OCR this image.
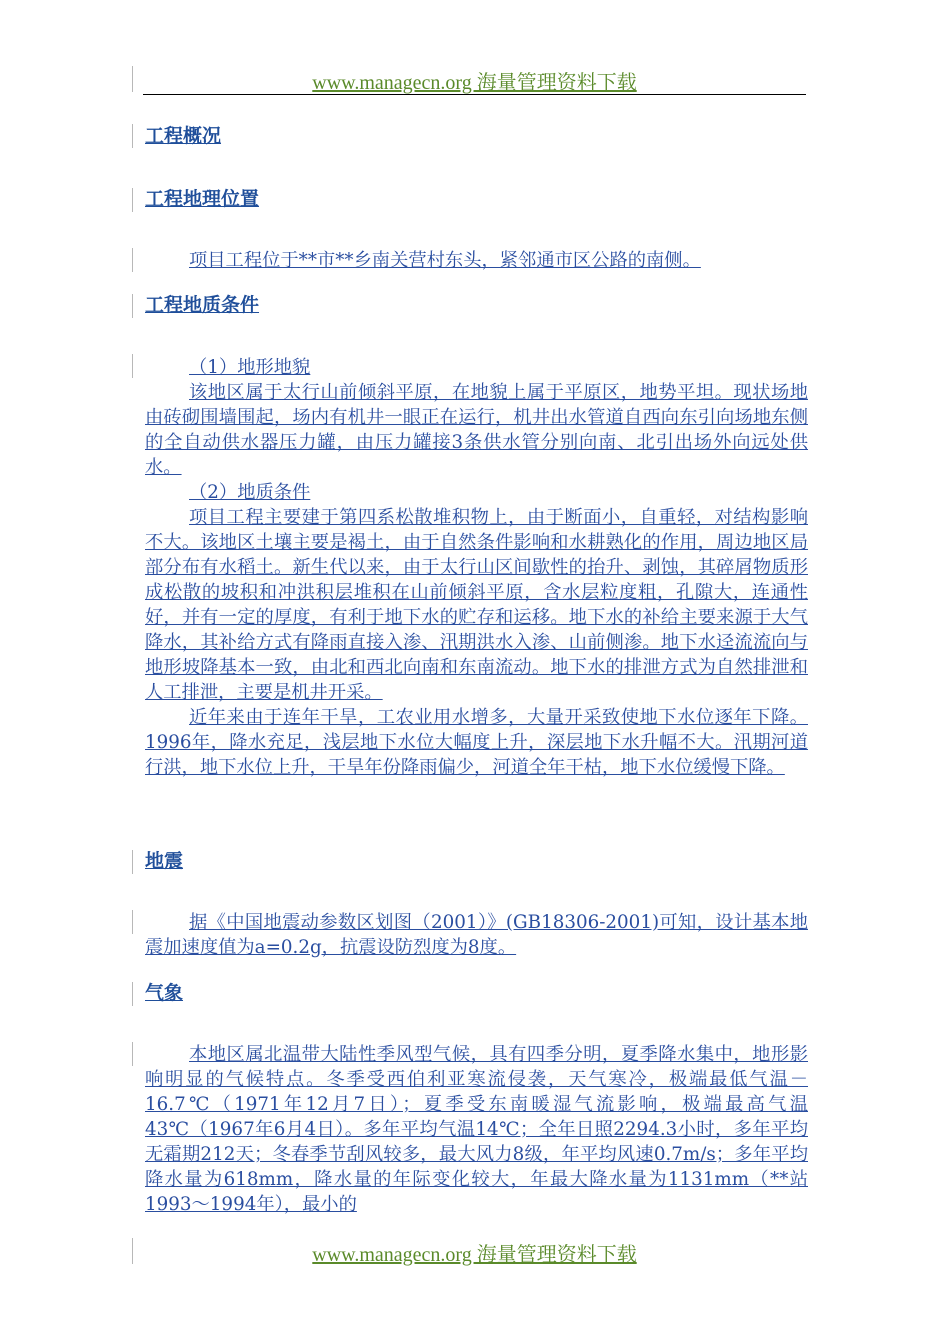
www.managecn.org 海量管理资料下载
工程概况
工程地理位置

项目工程位于**市**乡南关营村东头，紧邻通市区公路的南侧。

工程地质条件

（1）地形地貌

该地区属于太行山前倾斜平原，在地貌上属于平原区，地势平坦。现状场地由砖砌围墙围起，场内有机井一眼正在运行，机井出水管道自西向东引向场地东侧的全自动供水器压力罐，由压力罐接3条供水管分别向南、北引出场外向远处供水。

（2）地质条件

项目工程主要建于第四系松散堆积物上，由于断面小，自重轻，对结构影响不大。该地区土壤主要是褐土，由于自然条件影响和水耕熟化的作用，周边地区局部分布有水稻土。新生代以来，由于太行山区间歇性的抬升、剥蚀，其碎屑物质形成松散的坡积和冲洪积层堆积在山前倾斜平原，含水层粒度粗，孔隙大，连通性好，并有一定的厚度，有利于地下水的贮存和运移。地下水的补给主要来源于大气降水，其补给方式有降雨直接入渗、汛期洪水入渗、山前侧渗。地下水迳流流向与地形坡降基本一致，由北和西北向南和东南流动。地下水的排泄方式为自然排泄和人工排泄，主要是机井开采。

近年来由于连年干旱，工农业用水增多，大量开采致使地下水位逐年下降。1996年，降水充足，浅层地下水位大幅度上升，深层地下水升幅不大。汛期河道行洪，地下水位上升，干旱年份降雨偏少，河道全年干枯，地下水位缓慢下降。

地震

据《中国地震动参数区划图（2001）》(GB18306-2001)可知，设计基本地震加速度值为a=0.2g，抗震设防烈度为8度。

气象

本地区属北温带大陆性季风型气候，具有四季分明，夏季降水集中，地形影响明显的气候特点。冬季受西伯利亚寒流侵袭，天气寒冷，极端最低气温－16.7℃（1971年12月7日）；夏季受东南暖湿气流影响，极端最高气温43℃（1967年6月4日）。多年平均气温14℃；全年日照2294.3小时，多年平均无霜期212天；冬春季节刮风较多，最大风力8级，年平均风速0.7m/s；多年平均降水量为618mm，降水量的年际变化较大，年最大降水量为1131mm（**站1993～1994年），最小的

www.managecn.org 海量管理资料下载
